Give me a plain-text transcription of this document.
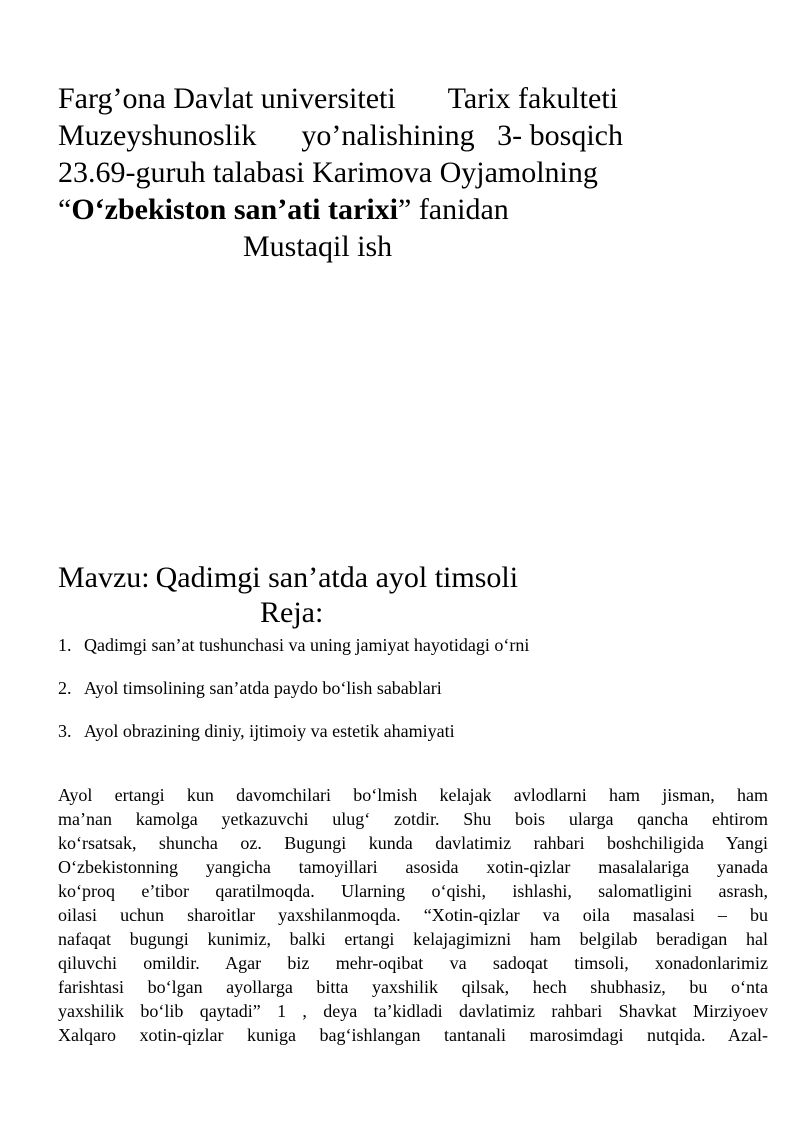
Farg’ona Davlat universiteti Tarix fakulteti
Muzeyshunoslik yo’nalishining 3- bosqich
23.69-guruh talabasi Karimova Oyjamolning
“O‘zbekiston san’ati tarixi” fanidan
Mustaqil ish
Mavzu: Qadimgi san’atda ayol timsoli
Reja:
1. Qadimgi san’at tushunchasi va uning jamiyat hayotidagi o‘rni
2. Ayol timsolining san’atda paydo bo‘lish sabablari
3. Ayol obrazining diniy, ijtimoiy va estetik ahamiyati
Ayol ertangi kun davomchilari bo‘lmish kelajak avlodlarni ham jisman, ham
ma’nan kamolga yetkazuvchi ulug‘ zotdir. Shu bois ularga qancha ehtirom
ko‘rsatsak, shuncha oz. Bugungi kunda davlatimiz rahbari boshchiligida Yangi
O‘zbekistonning yangicha tamoyillari asosida xotin-qizlar masalalariga yanada
ko‘proq e’tibor qaratilmoqda. Ularning o‘qishi, ishlashi, salomatligini asrash,
oilasi uchun sharoitlar yaxshilanmoqda. “Xotin-qizlar va oila masalasi – bu
nafaqat bugungi kunimiz, balki ertangi kelajagimizni ham belgilab beradigan hal
qiluvchi omildir. Agar biz mehr-oqibat va sadoqat timsoli, xonadonlarimiz
farishtasi bo‘lgan ayollarga bitta yaxshilik qilsak, hech shubhasiz, bu o‘nta
yaxshilik bo‘lib qaytadi” 1 , deya ta’kidladi davlatimiz rahbari Shavkat Mirziyoev
Xalqaro xotin-qizlar kuniga bag‘ishlangan tantanali marosimdagi nutqida. Azal-
